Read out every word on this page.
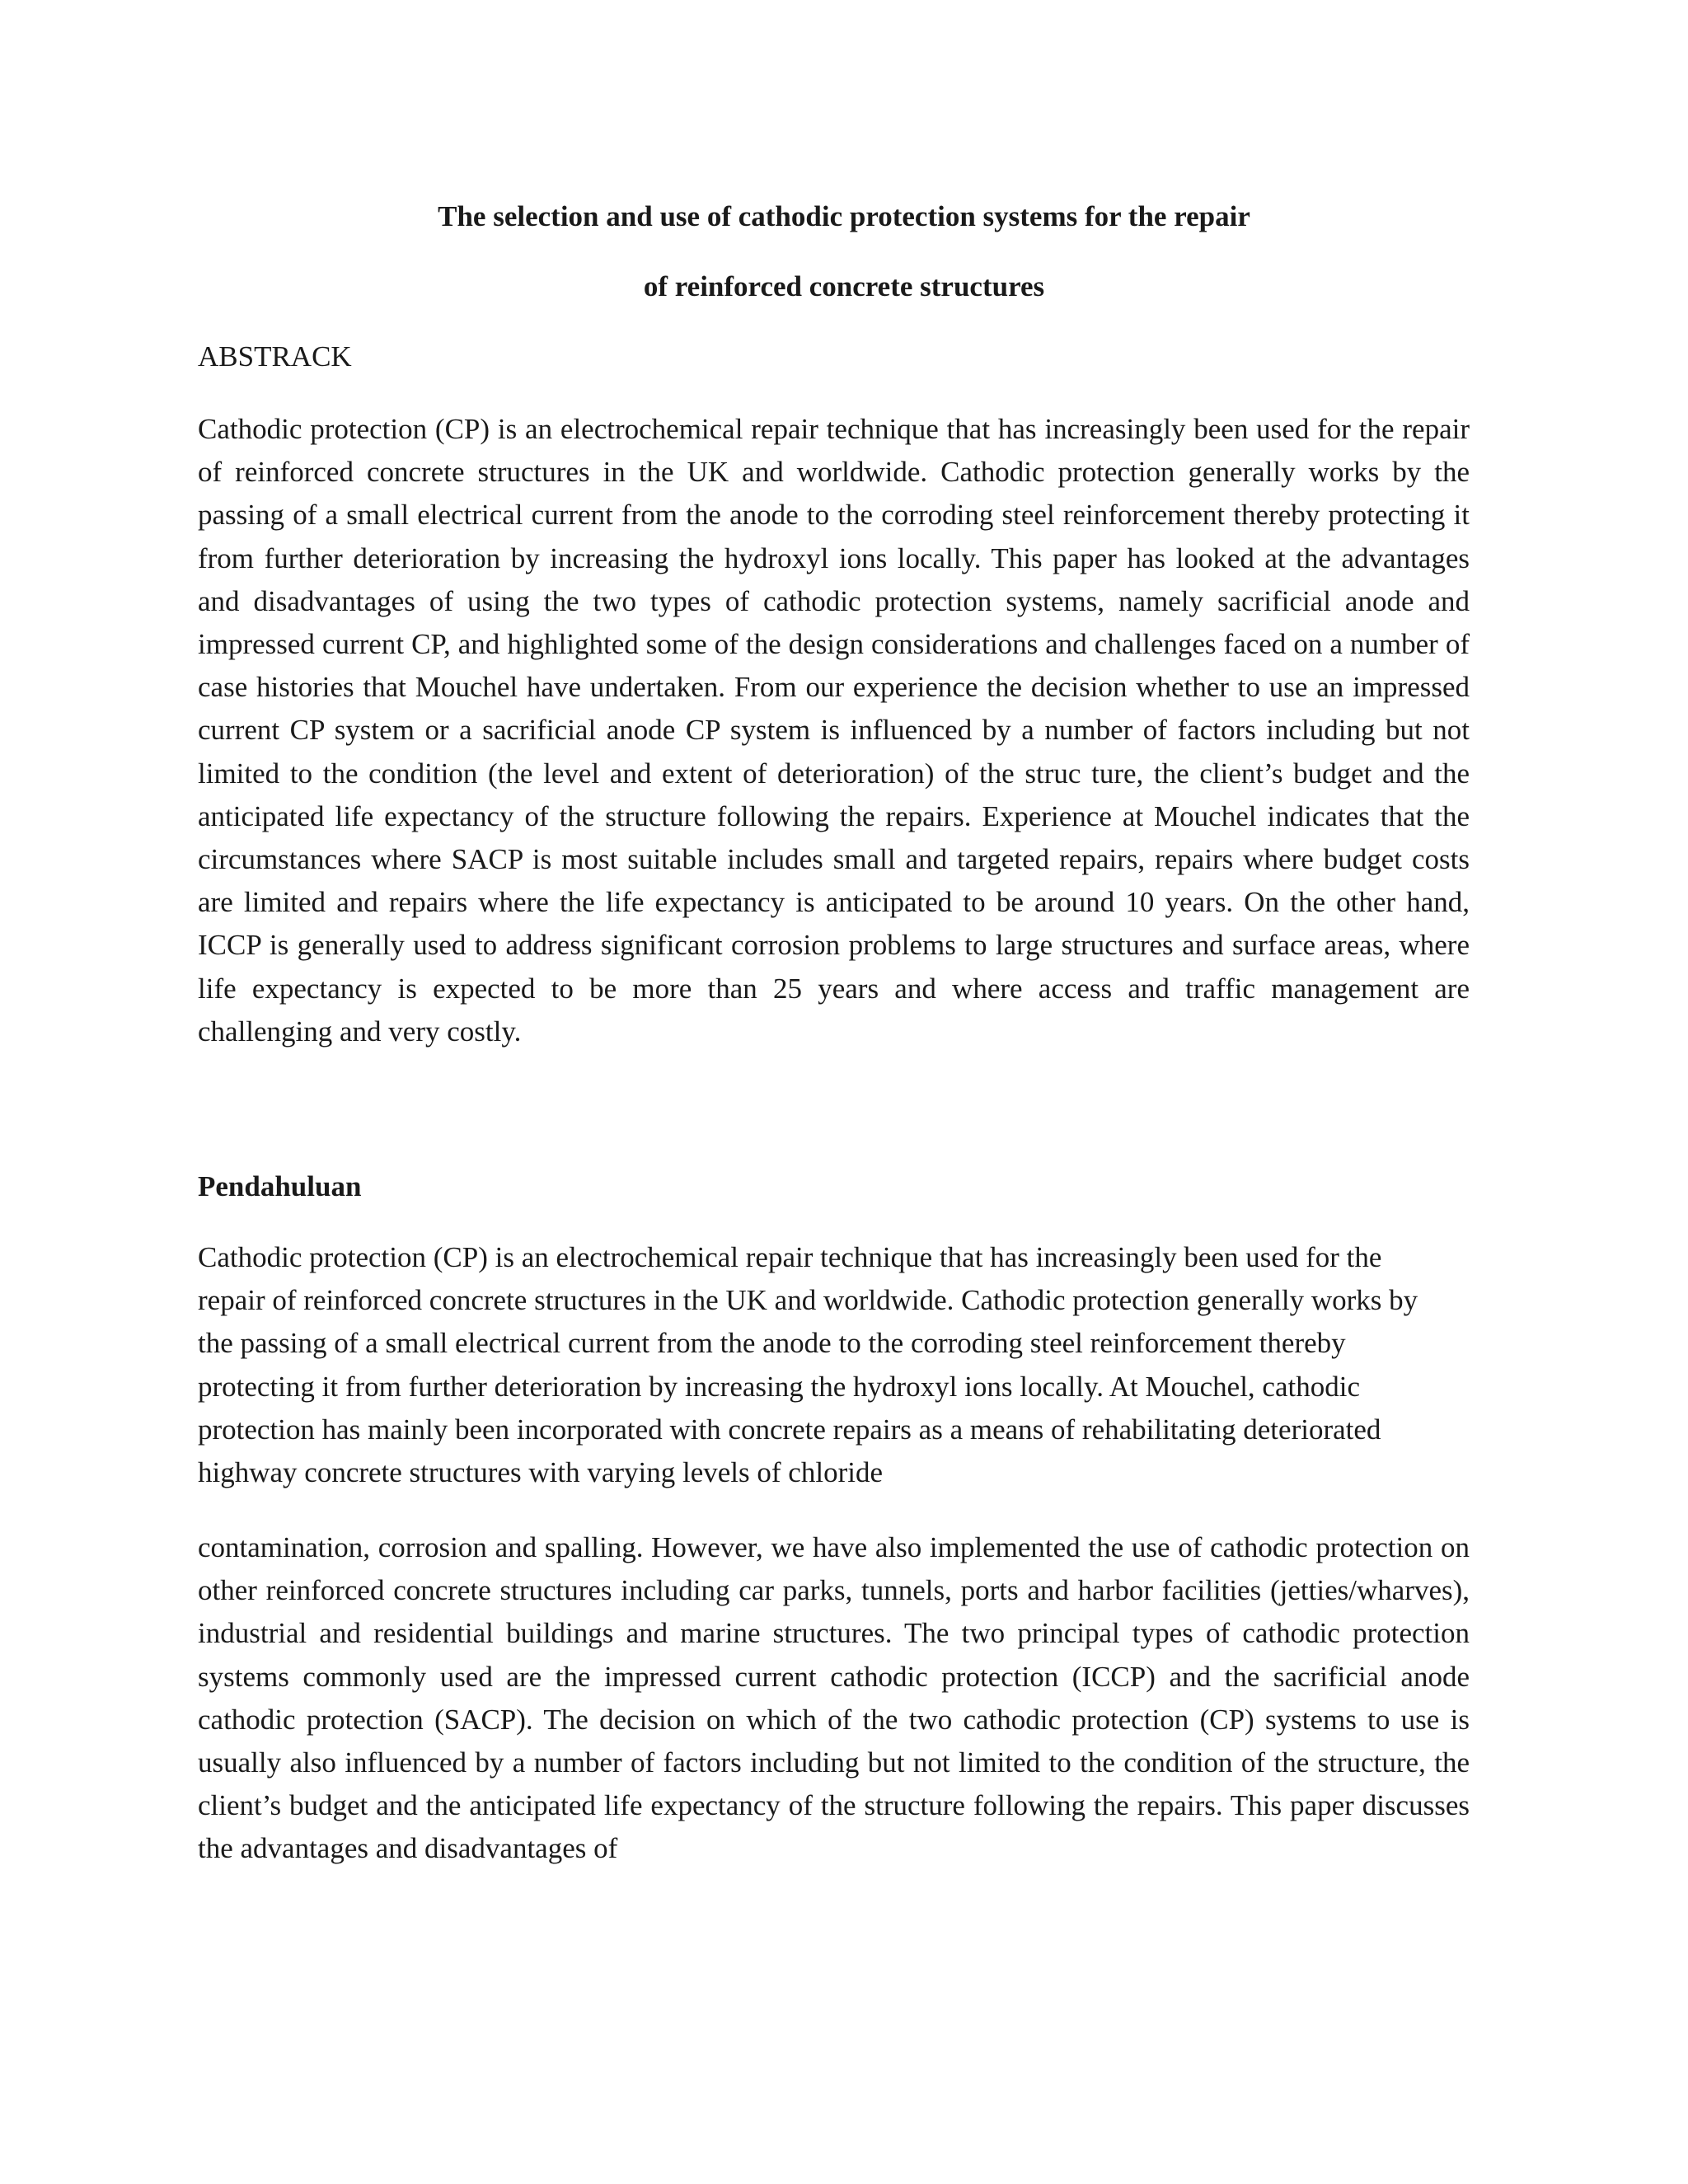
The selection and use of cathodic protection systems for the repair
of reinforced concrete structures

ABSTRACK

Cathodic protection (CP) is an electrochemical repair technique that has increasingly been used for the repair of reinforced concrete structures in the UK and worldwide. Cathodic protection generally works by the passing of a small electrical current from the anode to the corroding steel reinforcement thereby protecting it from further deterioration by increasing the hydroxyl ions locally. This paper has looked at the advantages and disadvantages of using the two types of cathodic protection systems, namely sacrificial anode and impressed current CP, and highlighted some of the design considerations and challenges faced on a number of case histories that Mouchel have undertaken. From our experience the decision whether to use an impressed current CP system or a sacrificial anode CP system is influenced by a number of factors including but not limited to the condition (the level and extent of deterioration) of the struc ture, the client’s budget and the anticipated life expectancy of the structure following the repairs. Experience at Mouchel indicates that the circumstances where SACP is most suitable includes small and targeted repairs, repairs where budget costs are limited and repairs where the life expectancy is anticipated to be around 10 years. On the other hand, ICCP is generally used to address significant corrosion problems to large structures and surface areas, where life expectancy is expected to be more than 25 years and where access and traffic management are challenging and very costly.

Pendahuluan

Cathodic protection (CP) is an electrochemical repair technique that has increasingly been used for the repair of reinforced concrete structures in the UK and worldwide. Cathodic protection generally works by the passing of a small electrical current from the anode to the corroding steel reinforcement thereby protecting it from further deterioration by increasing the hydroxyl ions locally. At Mouchel, cathodic protection has mainly been incorporated with concrete repairs as a means of rehabilitating deteriorated highway concrete structures with varying levels of chloride

contamination, corrosion and spalling. However, we have also implemented the use of cathodic protection on other reinforced concrete structures including car parks, tunnels, ports and harbor facilities (jetties/wharves), industrial and residential buildings and marine structures. The two principal types of cathodic protection systems commonly used are the impressed current cathodic protection (ICCP) and the sacrificial anode cathodic protection (SACP). The decision on which of the two cathodic protection (CP) systems to use is usually also influenced by a number of factors including but not limited to the condition of the structure, the client’s budget and the anticipated life expectancy of the structure following the repairs. This paper discusses the advantages and disadvantages of
